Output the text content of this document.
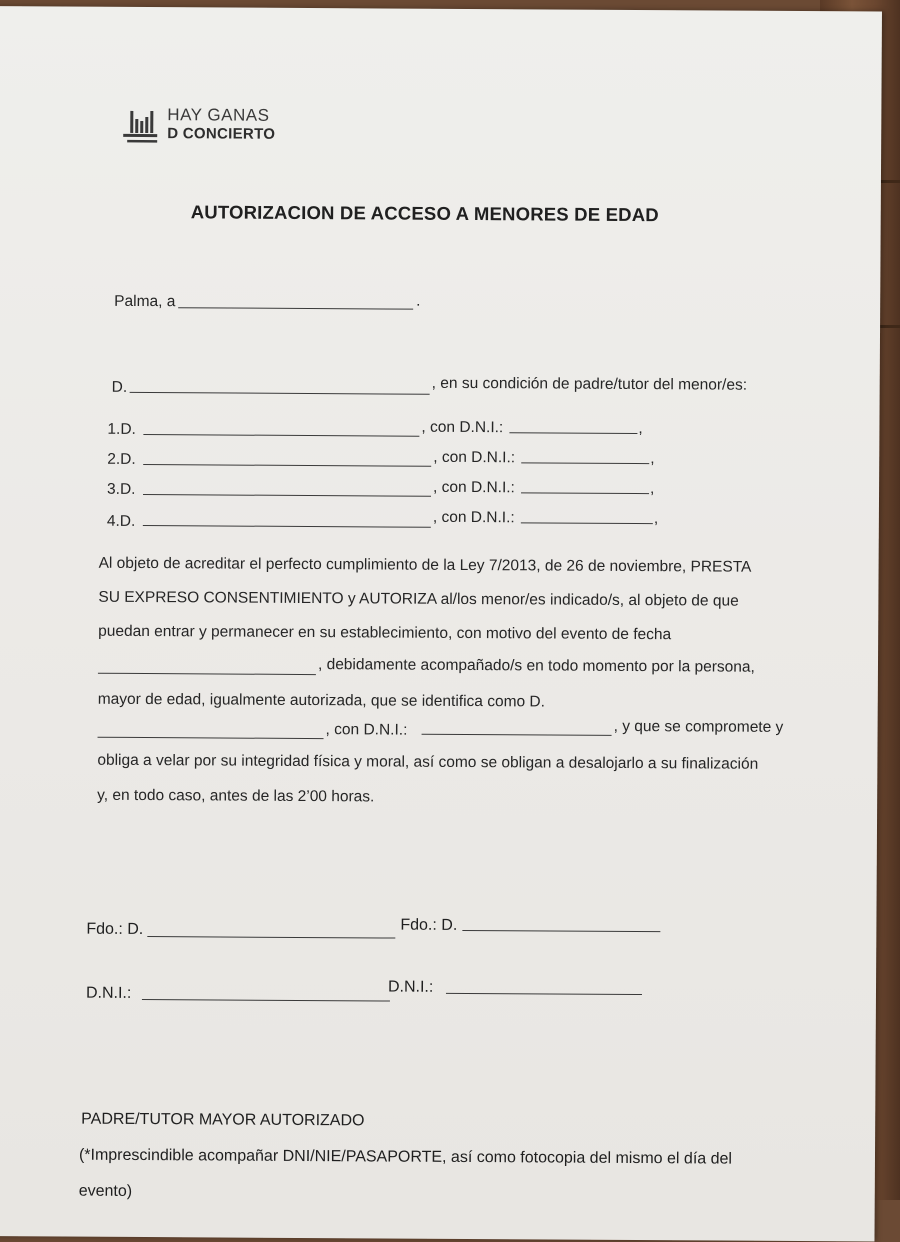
HAY GANAS
D CONCIERTO
AUTORIZACION DE ACCESO A MENORES DE EDAD
Palma, a	.
D.	, en su condición de padre/tutor del menor/es:
1.D.	, con D.N.I.:	,
2.D.	, con D.N.I.:	,
3.D.	, con D.N.I.:	,
4.D.	, con D.N.I.:	,
Al objeto de acreditar el perfecto cumplimiento de la Ley 7/2013, de 26 de noviembre, PRESTA
SU EXPRESO CONSENTIMIENTO y AUTORIZA al/los menor/es indicado/s, al objeto de que
puedan entrar y permanecer en su establecimiento, con motivo del evento de fecha
, debidamente acompañado/s en todo momento por la persona,
mayor de edad, igualmente autorizada, que se identifica como D.
, con D.N.I.:	, y que se compromete y
obliga a velar por su integridad física y moral, así como se obligan a desalojarlo a su finalización
y, en todo caso, antes de las 2’00 horas.
Fdo.: D.	Fdo.: D.
D.N.I.:	D.N.I.:
PADRE/TUTOR MAYOR AUTORIZADO
(*Imprescindible acompañar DNI/NIE/PASAPORTE, así como fotocopia del mismo el día del
evento)
